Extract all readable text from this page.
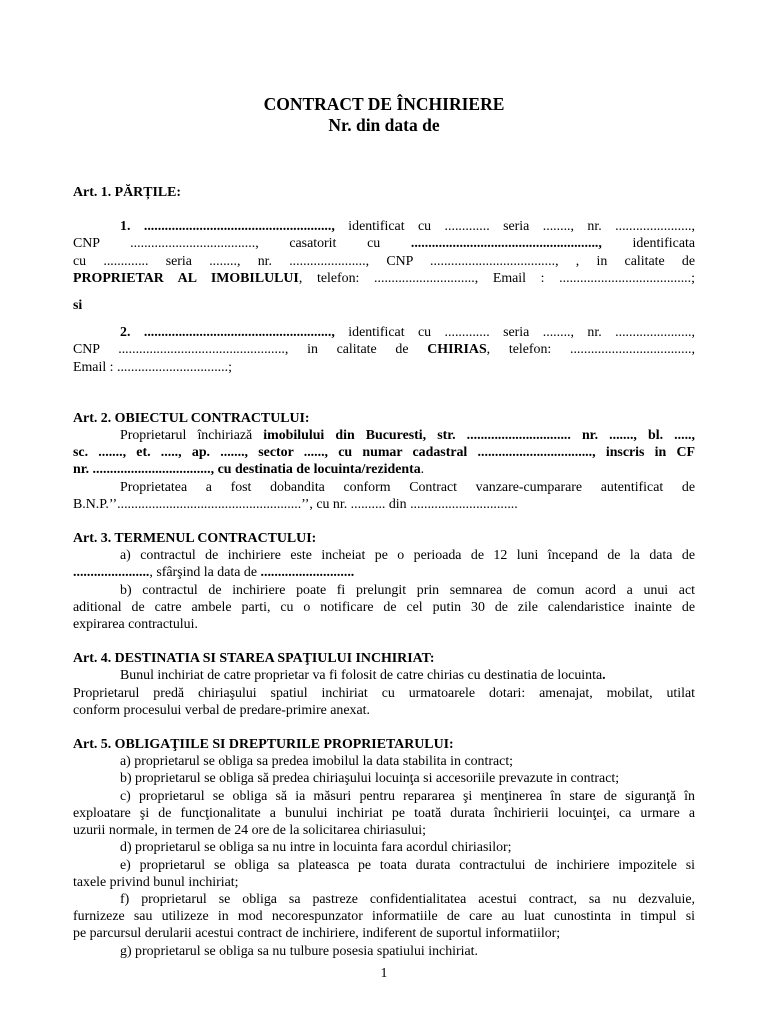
CONTRACT DE ÎNCHIRIERE
Nr. din data de

Art. 1. PĂRȚILE:

1. ......................................................, identificat cu ............. seria ........, nr. ......................,

CNP ...................................., casatorit cu ......................................................, identificata

cu ............. seria ........, nr. ......................, CNP ...................................., , in calitate de

PROPRIETAR AL IMOBILULUI, telefon: ............................., Email : ......................................;

si

2. ......................................................, identificat cu ............. seria ........, nr. ......................,

CNP ................................................, in calitate de CHIRIAS, telefon: ...................................,

Email : ................................;

Art. 2. OBIECTUL CONTRACTULUI:

Proprietarul închiriază imobilului din Bucuresti, str. .............................. nr. ......., bl. .....,

sc. ......., et. ....., ap. ......., sector ......, cu numar cadastral ................................., inscris in CF

nr. .................................., cu destinatia de locuinta/rezidenta.

Proprietatea a fost dobandita conform Contract vanzare-cumparare autentificat de

B.N.P.’’.....................................................’’, cu nr. .......... din ...............................

Art. 3. TERMENUL CONTRACTULUI:

a) contractul de inchiriere este incheiat pe o perioada de 12 luni începand de la data de

......................, sfârşind la data de ...........................

b) contractul de inchiriere poate fi prelungit prin semnarea de comun acord a unui act

aditional de catre ambele parti, cu o notificare de cel putin 30 de zile calendaristice inainte de

expirarea contractului.

Art. 4. DESTINATIA SI STAREA SPAŢIULUI INCHIRIAT:

Bunul inchiriat de catre proprietar va fi folosit de catre chirias cu destinatia de locuinta.

Proprietarul predă chiriaşului spatiul inchiriat cu urmatoarele dotari: amenajat, mobilat, utilat

conform procesului verbal de predare-primire anexat.

Art. 5. OBLIGAŢIILE SI DREPTURILE PROPRIETARULUI:

a) proprietarul se obliga sa predea imobilul la data stabilita in contract;

b) proprietarul se obliga să predea chiriaşului locuinţa si accesoriile prevazute in contract;

c) proprietarul se obliga să ia măsuri pentru repararea şi menţinerea în stare de siguranţă în

exploatare şi de funcţionalitate a bunului inchiriat pe toată durata închirierii locuinţei, ca urmare a

uzurii normale, in termen de 24 ore de la solicitarea chiriasului;

d) proprietarul se obliga sa nu intre in locuinta fara acordul chiriasilor;

e) proprietarul se obliga sa plateasca pe toata durata contractului de inchiriere impozitele si

taxele privind bunul inchiriat;

f) proprietarul se obliga sa pastreze confidentialitatea acestui contract, sa nu dezvaluie,

furnizeze sau utilizeze in mod necorespunzator informatiile de care au luat cunostinta in timpul si

pe parcursul derularii acestui contract de inchiriere, indiferent de suportul informatiilor;

g) proprietarul se obliga sa nu tulbure posesia spatiului inchiriat.

1
